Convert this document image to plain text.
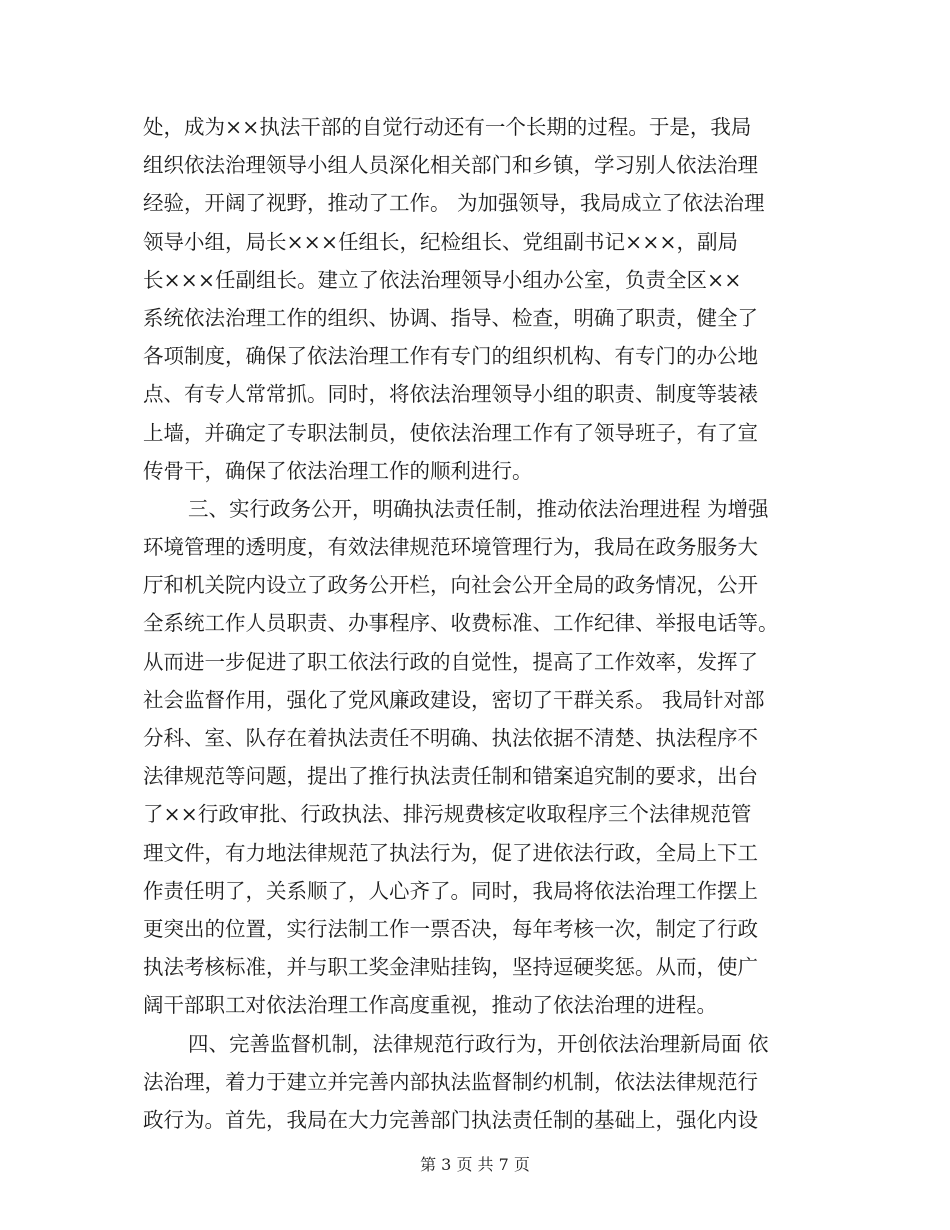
处，成为××执法干部的自觉行动还有一个长期的过程。于是，我局
组织依法治理领导小组人员深化相关部门和乡镇，学习别人依法治理
经验，开阔了视野，推动了工作。 为加强领导，我局成立了依法治理
领导小组，局长×××任组长，纪检组长、党组副书记×××，副局
长×××任副组长。建立了依法治理领导小组办公室，负责全区××
系统依法治理工作的组织、协调、指导、检查，明确了职责，健全了
各项制度，确保了依法治理工作有专门的组织机构、有专门的办公地
点、有专人常常抓。同时，将依法治理领导小组的职责、制度等装裱
上墙，并确定了专职法制员，使依法治理工作有了领导班子，有了宣
传骨干，确保了依法治理工作的顺利进行。
三、实行政务公开，明确执法责任制，推动依法治理进程 为增强
环境管理的透明度，有效法律规范环境管理行为，我局在政务服务大
厅和机关院内设立了政务公开栏，向社会公开全局的政务情况，公开
全系统工作人员职责、办事程序、收费标准、工作纪律、举报电话等。
从而进一步促进了职工依法行政的自觉性，提高了工作效率，发挥了
社会监督作用，强化了党风廉政建设，密切了干群关系。 我局针对部
分科、室、队存在着执法责任不明确、执法依据不清楚、执法程序不
法律规范等问题，提出了推行执法责任制和错案追究制的要求，出台
了××行政审批、行政执法、排污规费核定收取程序三个法律规范管
理文件，有力地法律规范了执法行为，促了进依法行政，全局上下工
作责任明了，关系顺了，人心齐了。同时，我局将依法治理工作摆上
更突出的位置，实行法制工作一票否决，每年考核一次，制定了行政
执法考核标准，并与职工奖金津贴挂钩，坚持逗硬奖惩。从而，使广
阔干部职工对依法治理工作高度重视，推动了依法治理的进程。
四、完善监督机制，法律规范行政行为，开创依法治理新局面 依
法治理，着力于建立并完善内部执法监督制约机制，依法法律规范行
政行为。首先，我局在大力完善部门执法责任制的基础上，强化内设
第 3 页 共 7 页
